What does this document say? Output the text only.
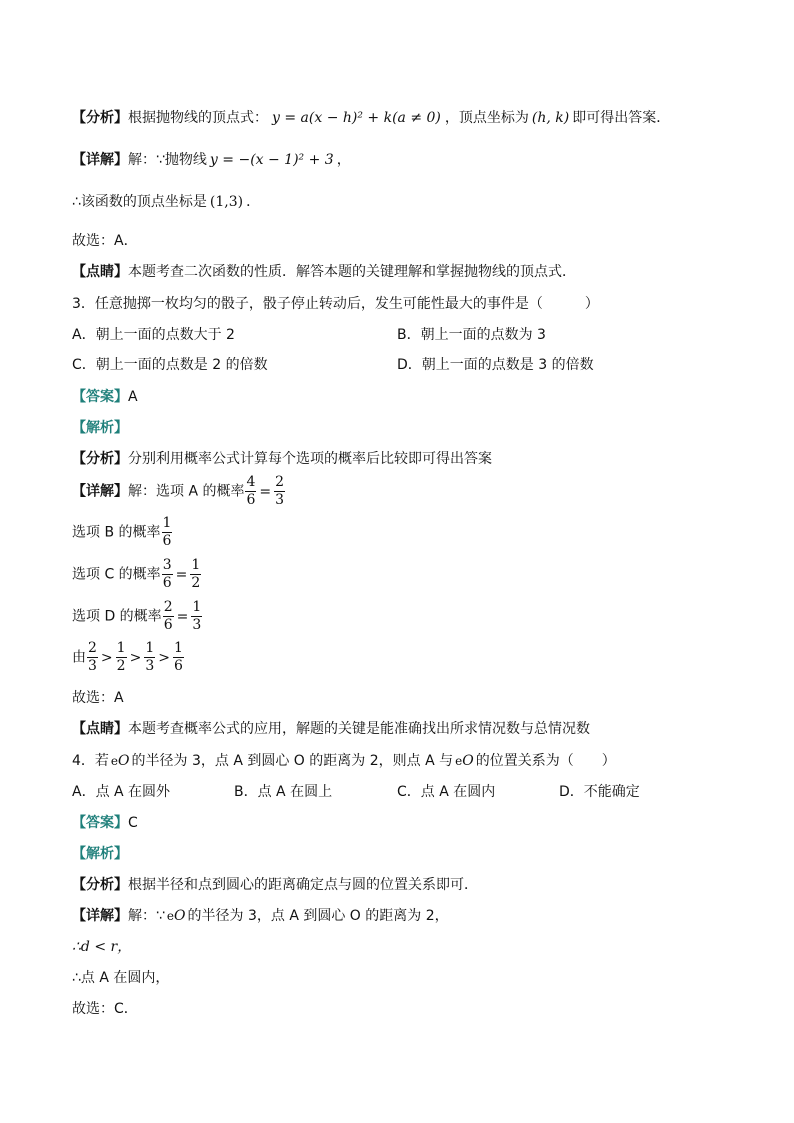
【分析】根据抛物线的顶点式： y = a(x − h)² + k(a ≠ 0) ，顶点坐标为 (h, k) 即可得出答案．
【详解】解：∵抛物线 y = −(x − 1)² + 3 ，
∴该函数的顶点坐标是 (1,3) ．
故选：A．
【点睛】本题考查二次函数的性质．解答本题的关键理解和掌握抛物线的顶点式．
3．任意抛掷一枚均匀的骰子，骰子停止转动后，发生可能性最大的事件是（　　　）
A．朝上一面的点数大于 2	B．朝上一面的点数为 3
C．朝上一面的点数是 2 的倍数	D．朝上一面的点数是 3 的倍数
【答案】A
【解析】
【分析】分别利用概率公式计算每个选项的概率后比较即可得出答案
【详解】解：选项 A 的概率 $\frac{4}{6} = \frac{2}{3}$
选项 B 的概率 $\frac{1}{6}$
选项 C 的概率 $\frac{3}{6} = \frac{1}{2}$
选项 D 的概率 $\frac{2}{6} = \frac{1}{3}$
由 $\frac{2}{3} > \frac{1}{2} > \frac{1}{3} > \frac{1}{6}$
故选：A
【点睛】本题考查概率公式的应用，解题的关键是能准确找出所求情况数与总情况数
4．若 eO 的半径为 3，点 A 到圆心 O 的距离为 2，则点 A 与 eO 的位置关系为（　　）
A．点 A 在圆外	B．点 A 在圆上	C．点 A 在圆内	D．不能确定
【答案】C
【解析】
【分析】根据半径和点到圆心的距离确定点与圆的位置关系即可．
【详解】解：∵ eO 的半径为 3，点 A 到圆心 O 的距离为 2，
∴d < r，
∴点 A 在圆内，
故选：C．
